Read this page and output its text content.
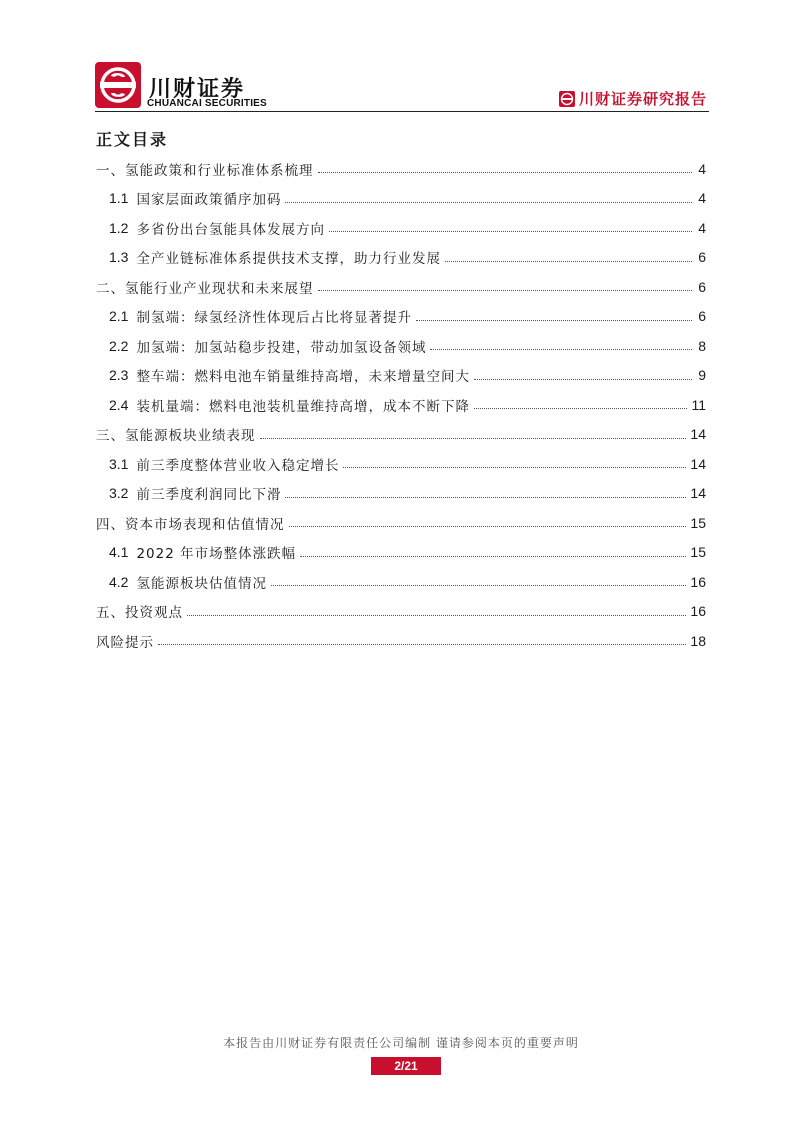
川财证券
CHUANCAI SECURITIES	川财证券研究报告
正文目录
一、氢能政策和行业标准体系梳理	4
1.1 国家层面政策循序加码	4
1.2 多省份出台氢能具体发展方向	4
1.3 全产业链标准体系提供技术支撑，助力行业发展	6
二、氢能行业产业现状和未来展望	6
2.1 制氢端：绿氢经济性体现后占比将显著提升	6
2.2 加氢端：加氢站稳步投建，带动加氢设备领域	8
2.3 整车端：燃料电池车销量维持高增，未来增量空间大	9
2.4 装机量端：燃料电池装机量维持高增，成本不断下降	11
三、氢能源板块业绩表现	14
3.1 前三季度整体营业收入稳定增长	14
3.2 前三季度利润同比下滑	14
四、资本市场表现和估值情况	15
4.1 2022 年市场整体涨跌幅	15
4.2 氢能源板块估值情况	16
五、投资观点	16
风险提示	18
本报告由川财证券有限责任公司编制 谨请参阅本页的重要声明
2/21
